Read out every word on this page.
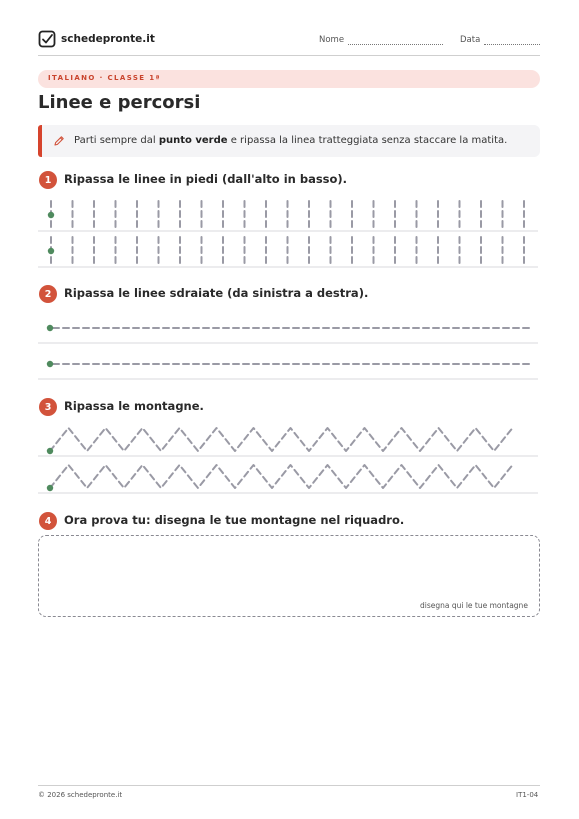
schedepronte.it	Nome	Data
ITALIANO · CLASSE 1ª
Linee e percorsi
Parti sempre dal punto verde e ripassa la linea tratteggiata senza staccare la matita.
1	Ripassa le linee in piedi (dall'alto in basso).
2	Ripassa le linee sdraiate (da sinistra a destra).
3	Ripassa le montagne.
4	Ora prova tu: disegna le tue montagne nel riquadro.
disegna qui le tue montagne
© 2026 schedepronte.it	IT1-04
